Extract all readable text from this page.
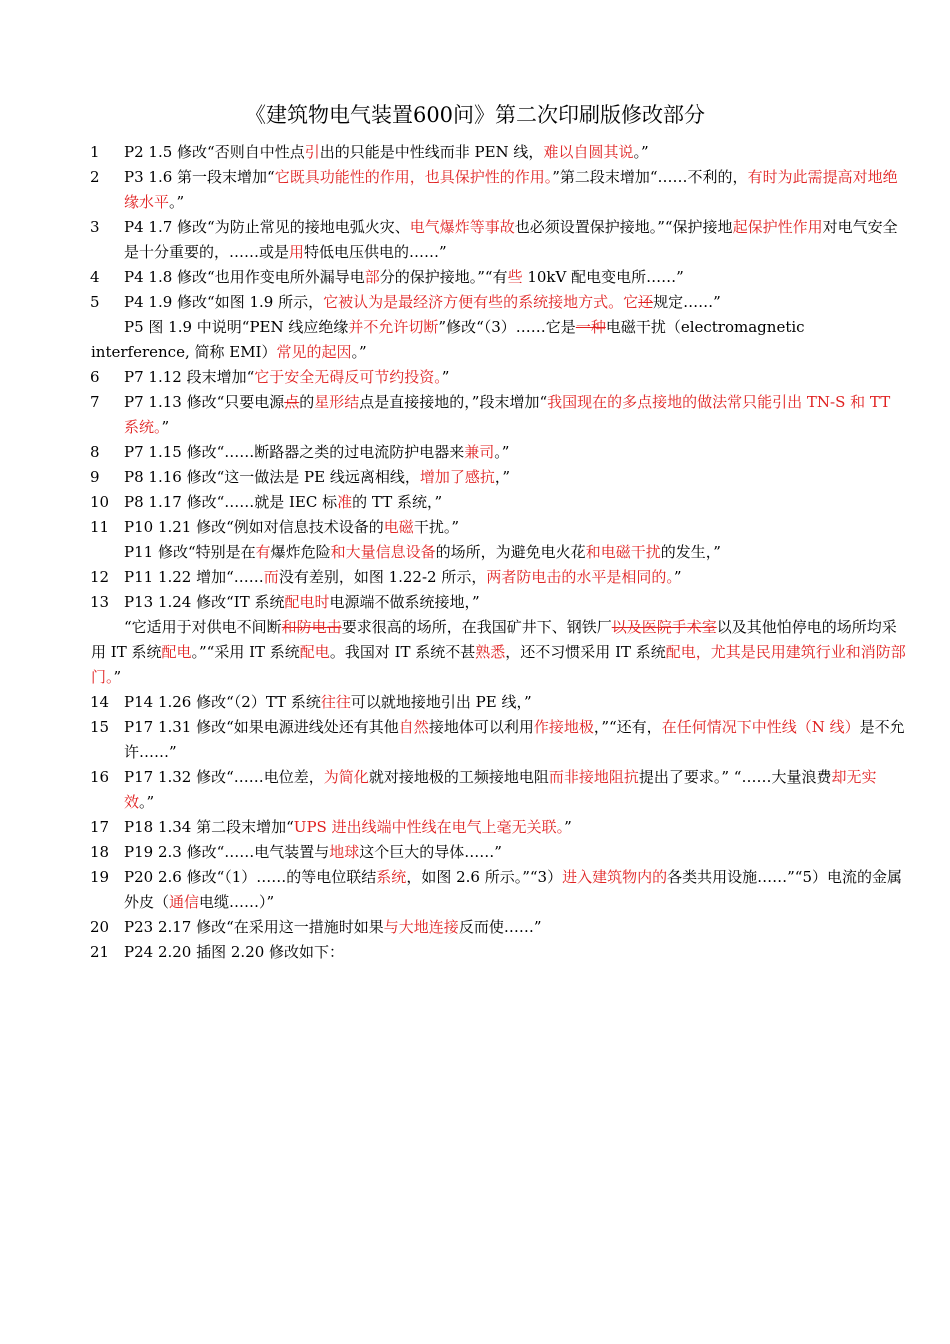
《建筑物电气装置600问》第二次印刷版修改部分
1	P2 1.5 修改“否则自中性点引出的只能是中性线而非 PEN 线，难以自圆其说。”
2	P3 1.6 第一段末增加“它既具功能性的作用，也具保护性的作用。”第二段末增加“……不利的，有时为此需提高对地绝缘水平。”
3	P4 1.7 修改“为防止常见的接地电弧火灾、电气爆炸等事故也必须设置保护接地。”“保护接地起保护性作用对电气安全是十分重要的，……或是用特低电压供电的……”
4	P4 1.8 修改“也用作变电所外漏导电部分的保护接地。”“有些 10kV 配电变电所……”
5	P4 1.9 修改“如图 1.9 所示，它被认为是最经济方便有些的系统接地方式。它还规定……”
P5 图 1.9 中说明“PEN 线应绝缘并不允许切断”修改“（3）……它是一种电磁干扰（electromagnetic interference, 简称 EMI）常见的起因。”
6	P7 1.12 段末增加“它于安全无碍反可节约投资。”
7	P7 1.13 修改“只要电源点的星形结点是直接接地的，”段末增加“我国现在的多点接地的做法常只能引出 TN-S 和 TT 系统。”
8	P7 1.15 修改“……断路器之类的过电流防护电器来兼司。”
9	P8 1.16 修改“这一做法是 PE 线远离相线，增加了感抗，”
10 P8 1.17 修改“……就是 IEC 标准的 TT 系统，”
11 P10 1.21 修改“例如对信息技术设备的电磁干扰。”
P11 修改“特别是在有爆炸危险和大量信息设备的场所，为避免电火花和电磁干扰的发生，”
12 P11 1.22 增加“……而没有差别，如图 1.22-2 所示，两者防电击的水平是相同的。”
13 P13 1.24 修改“IT 系统配电时电源端不做系统接地，”
“它适用于对供电不间断和防电击要求很高的场所，在我国矿井下、钢铁厂以及医院手术室以及其他怕停电的场所均采用 IT 系统配电。”“采用 IT 系统配电。我国对 IT 系统不甚熟悉，还不习惯采用 IT 系统配电，尤其是民用建筑行业和消防部门。”
14 P14 1.26 修改“（2）TT 系统往往可以就地接地引出 PE 线，”
15 P17 1.31 修改“如果电源进线处还有其他自然接地体可以利用作接地极，”“还有，在任何情况下中性线（N 线）是不允许……”
16 P17 1.32 修改“……电位差，为简化就对接地极的工频接地电阻而非接地阻抗提出了要求。” “……大量浪费却无实效。”
17 P18 1.34 第二段末增加“UPS 进出线端中性线在电气上毫无关联。”
18 P19 2.3 修改“……电气装置与地球这个巨大的导体……”
19 P20 2.6 修改“（1）……的等电位联结系统，如图 2.6 所示。”“3）进入建筑物内的各类共用设施……”“5）电流的金属外皮（通信电缆……）”
20 P23 2.17 修改“在采用这一措施时如果与大地连接反而使……”
21 P24 2.20 插图 2.20 修改如下：
